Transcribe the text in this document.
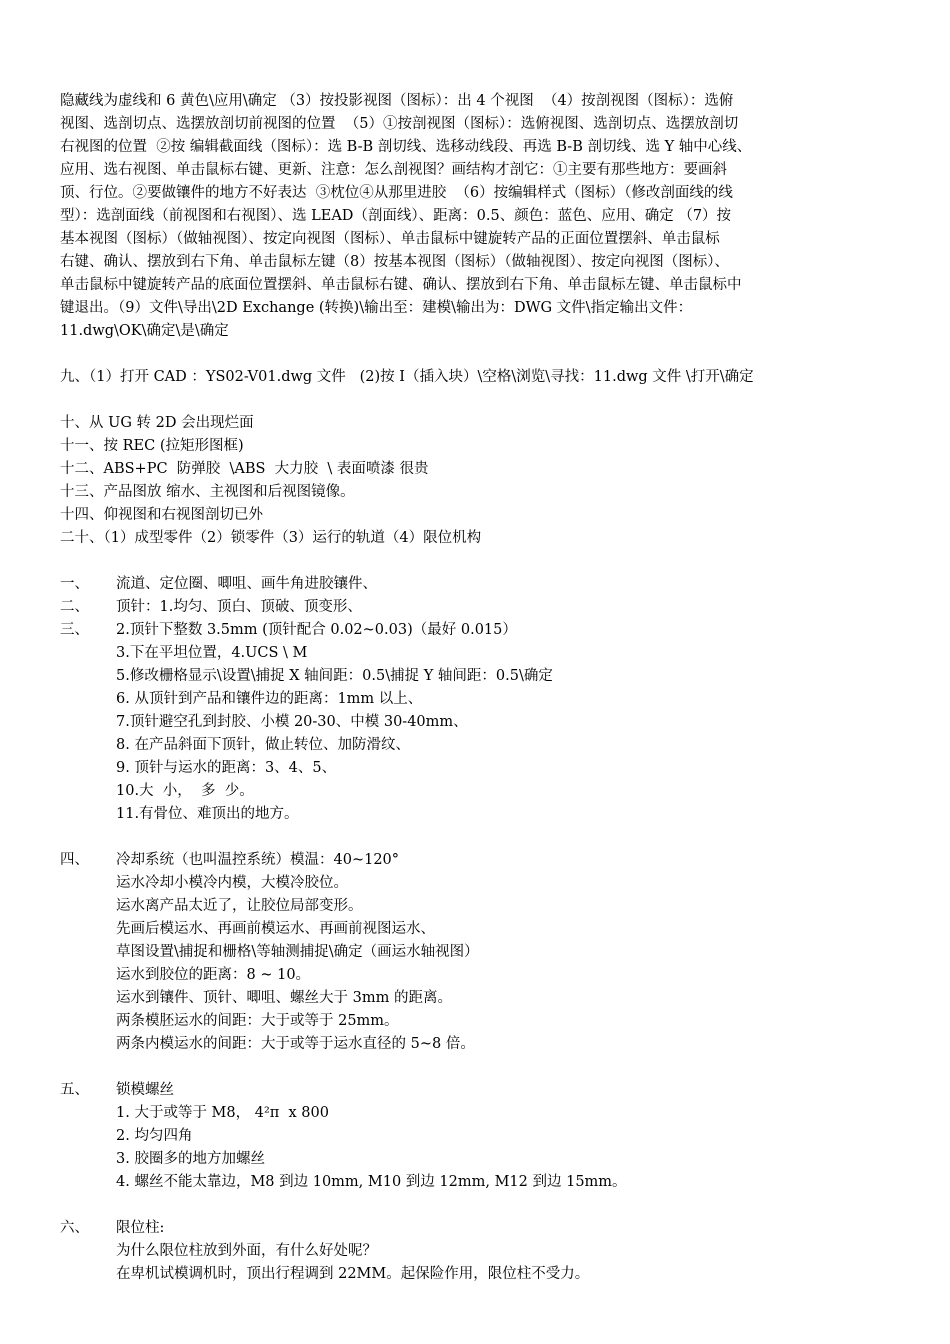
隐藏线为虚线和 6 黄色\应用\确定 （3）按投影视图（图标）：出 4 个视图  （4）按剖视图（图标）：选俯
视图、选剖切点、选摆放剖切前视图的位置  （5）①按剖视图（图标）：选俯视图、选剖切点、选摆放剖切
右视图的位置  ②按 编辑截面线（图标）：选 B-B 剖切线、选移动线段、再选 B-B 剖切线、选 Y 轴中心线、
应用、选右视图、单击鼠标右键、更新、注意：怎么剖视图？画结构才剖它：①主要有那些地方：要画斜
顶、行位。②要做镶件的地方不好表达  ③枕位④从那里进胶  （6）按编辑样式（图标）（修改剖面线的线
型）：选剖面线（前视图和右视图）、选 LEAD（剖面线）、距离：0.5、颜色：蓝色、应用、确定 （7）按
基本视图（图标）（做轴视图）、按定向视图（图标）、单击鼠标中键旋转产品的正面位置摆斜、单击鼠标
右键、确认、摆放到右下角、单击鼠标左键（8）按基本视图（图标）（做轴视图）、按定向视图（图标）、
单击鼠标中键旋转产品的底面位置摆斜、单击鼠标右键、确认、摆放到右下角、单击鼠标左键、单击鼠标中
键退出。（9）文件\导出\2D Exchange (转换)\输出至：建模\输出为：DWG 文件\指定输出文件：
11.dwg\OK\确定\是\确定
九、（1）打开 CAD ：YS02-V01.dwg 文件   (2)按 I（插入块）\空格\浏览\寻找：11.dwg 文件 \打开\确定
十、从 UG 转 2D 会出现烂面
十一、按 REC (拉矩形图框)
十二、ABS+PC  防弹胶  \ABS  大力胶  \ 表面喷漆 很贵
十三、产品图放 缩水、主视图和后视图镜像。
十四、仰视图和右视图剖切已外
二十、（1）成型零件（2）锁零件（3）运行的轨道（4）限位机构
一、 流道、定位圈、唧咀、画牛角进胶镶件、
二、 顶针：1.均匀、顶白、顶破、顶变形、
三、 2.顶针下整数 3.5mm (顶针配合 0.02~0.03)（最好 0.015）
3.下在平坦位置，4.UCS \ M
5.修改栅格显示\设置\捕捉 X 轴间距：0.5\捕捉 Y 轴间距：0.5\确定
6. 从顶针到产品和镶件边的距离：1mm 以上、
7.顶针避空孔到封胶、小模 20-30、中模 30-40mm、
8. 在产品斜面下顶针，做止转位、加防滑纹、
9. 顶针与运水的距离：3、4、5、
10.大  小，  多  少。
11.有骨位、难顶出的地方。
四、 冷却系统（也叫温控系统）模温：40~120°
运水冷却小模冷内模，大模冷胶位。
运水离产品太近了，让胶位局部变形。
先画后模运水、再画前模运水、再画前视图运水、
草图设置\捕捉和栅格\等轴测捕捉\确定（画运水轴视图）
运水到胶位的距离：8 ~ 10。
运水到镶件、顶针、唧咀、螺丝大于 3mm 的距离。
两条模胚运水的间距：大于或等于 25mm。
两条内模运水的间距：大于或等于运水直径的 5~8 倍。
五、 锁模螺丝
1. 大于或等于 M8， 4²π  x 800
2. 均匀四角
3. 胶圈多的地方加螺丝
4. 螺丝不能太靠边，M8 到边 10mm, M10 到边 12mm, M12 到边 15mm。
六、 限位柱:
为什么限位柱放到外面，有什么好处呢？
在卑机试模调机时，顶出行程调到 22MM。起保险作用，限位柱不受力。
